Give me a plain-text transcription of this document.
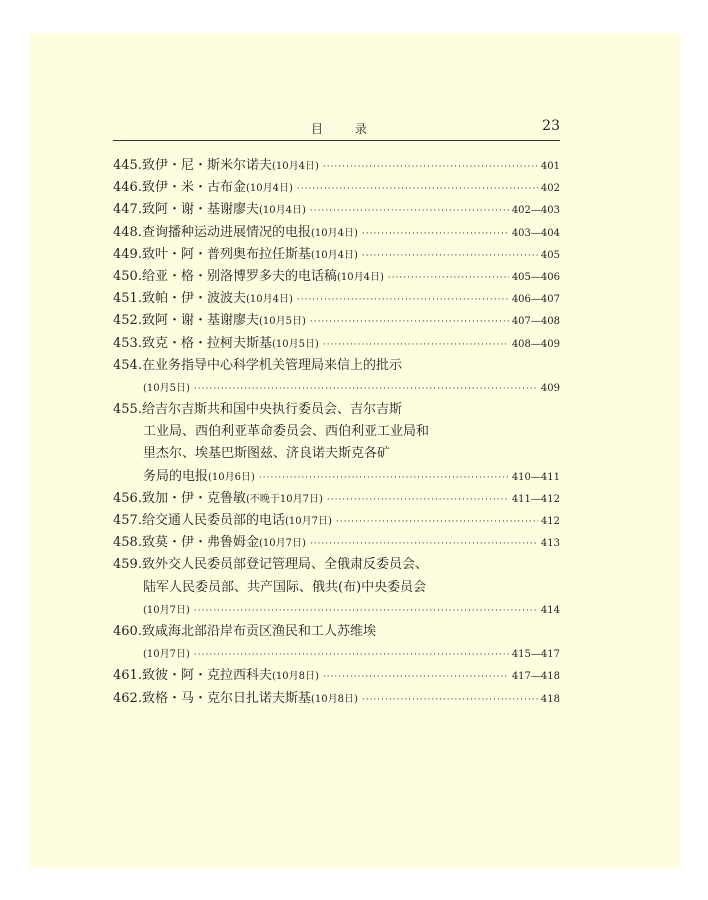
目 录	23
445.致伊・尼・斯米尔诺夫(10月4日) ·····	401
446.致伊・米・古布金(10月4日) ·····	402
447.致阿・谢・基谢廖夫(10月4日) ·····	402—403
448.查询播种运动进展情况的电报(10月4日) ·····	403—404
449.致叶・阿・普列奥布拉任斯基(10月4日) ·····	405
450.给亚・格・别洛博罗多夫的电话稿(10月4日) ·····	405—406
451.致帕・伊・波波夫(10月4日) ·····	406—407
452.致阿・谢・基谢廖夫(10月5日) ·····	407—408
453.致克・格・拉柯夫斯基(10月5日) ·····	408—409
454.在业务指导中心科学机关管理局来信上的批示
(10月5日) ·····	409
455.给吉尔吉斯共和国中央执行委员会、吉尔吉斯
工业局、西伯利亚革命委员会、西伯利亚工业局和
里杰尔、埃基巴斯图兹、济良诺夫斯克各矿
务局的电报(10月6日) ·····	410—411
456.致加・伊・克鲁敏(不晚于10月7日) ·····	411—412
457.给交通人民委员部的电话(10月7日) ·····	412
458.致莫・伊・弗鲁姆金(10月7日) ·····	413
459.致外交人民委员部登记管理局、全俄肃反委员会、
陆军人民委员部、共产国际、俄共(布)中央委员会
(10月7日) ·····	414
460.致咸海北部沿岸布贡区渔民和工人苏维埃
(10月7日) ·····	415—417
461.致彼・阿・克拉西科夫(10月8日) ·····	417—418
462.致格・马・克尔日扎诺夫斯基(10月8日) ·····	418
